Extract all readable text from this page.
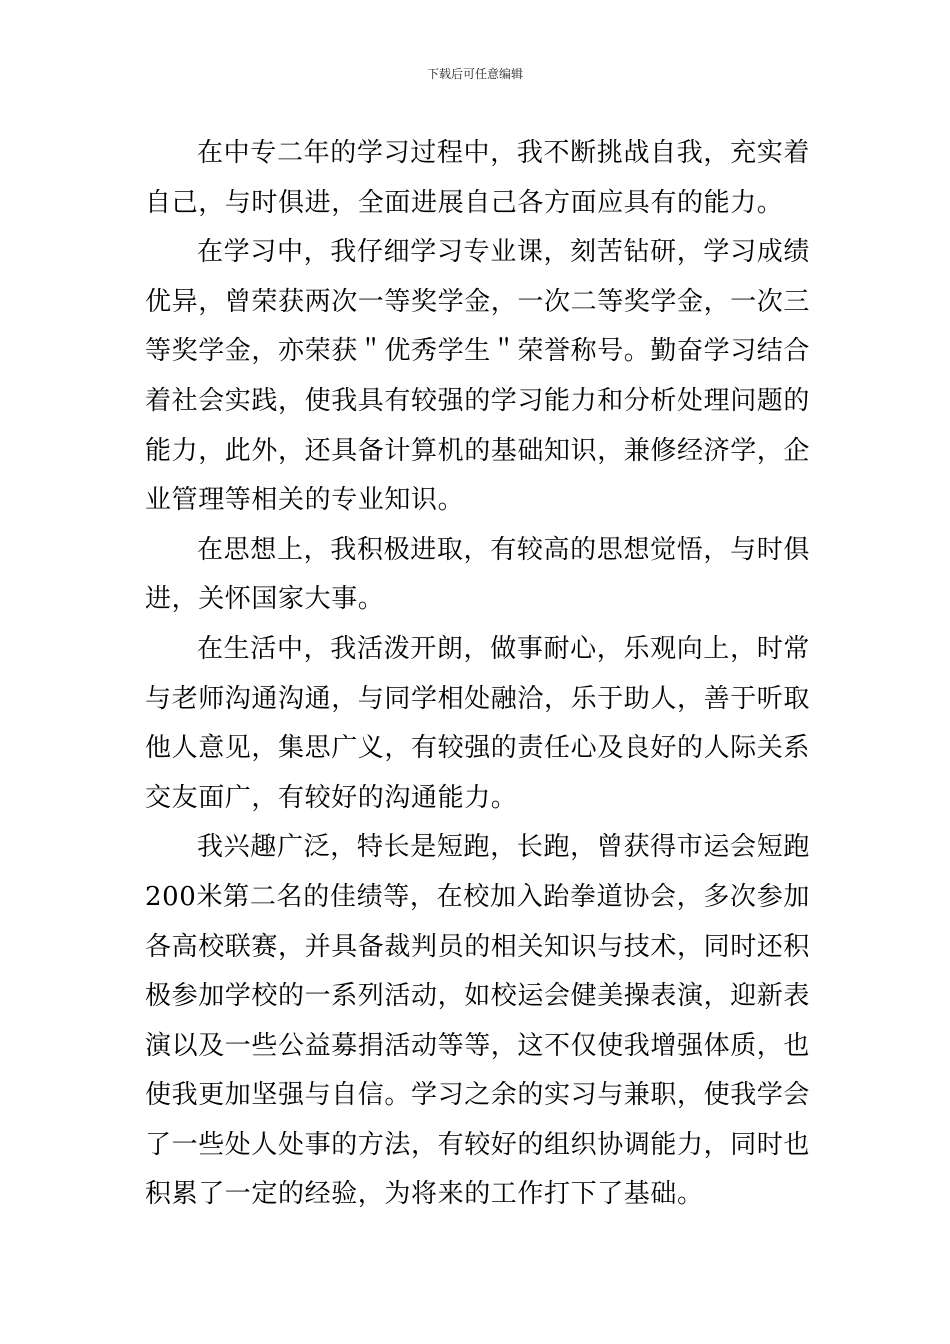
下载后可任意编辑

在中专二年的学习过程中，我不断挑战自我，充实着自己，与时俱进，全面进展自己各方面应具有的能力。

在学习中，我仔细学习专业课，刻苦钻研，学习成绩优异，曾荣获两次一等奖学金，一次二等奖学金，一次三等奖学金，亦荣获＂优秀学生＂荣誉称号。勤奋学习结合着社会实践，使我具有较强的学习能力和分析处理问题的能力，此外，还具备计算机的基础知识，兼修经济学，企业管理等相关的专业知识。

在思想上，我积极进取，有较高的思想觉悟，与时俱进，关怀国家大事。

在生活中，我活泼开朗，做事耐心，乐观向上，时常与老师沟通沟通，与同学相处融洽，乐于助人，善于听取他人意见，集思广义，有较强的责任心及良好的人际关系交友面广，有较好的沟通能力。

我兴趣广泛，特长是短跑，长跑，曾获得市运会短跑200米第二名的佳绩等，在校加入跆拳道协会，多次参加各高校联赛，并具备裁判员的相关知识与技术，同时还积极参加学校的一系列活动，如校运会健美操表演，迎新表演以及一些公益募捐活动等等，这不仅使我增强体质，也使我更加坚强与自信。学习之余的实习与兼职，使我学会了一些处人处事的方法，有较好的组织协调能力，同时也积累了一定的经验，为将来的工作打下了基础。
